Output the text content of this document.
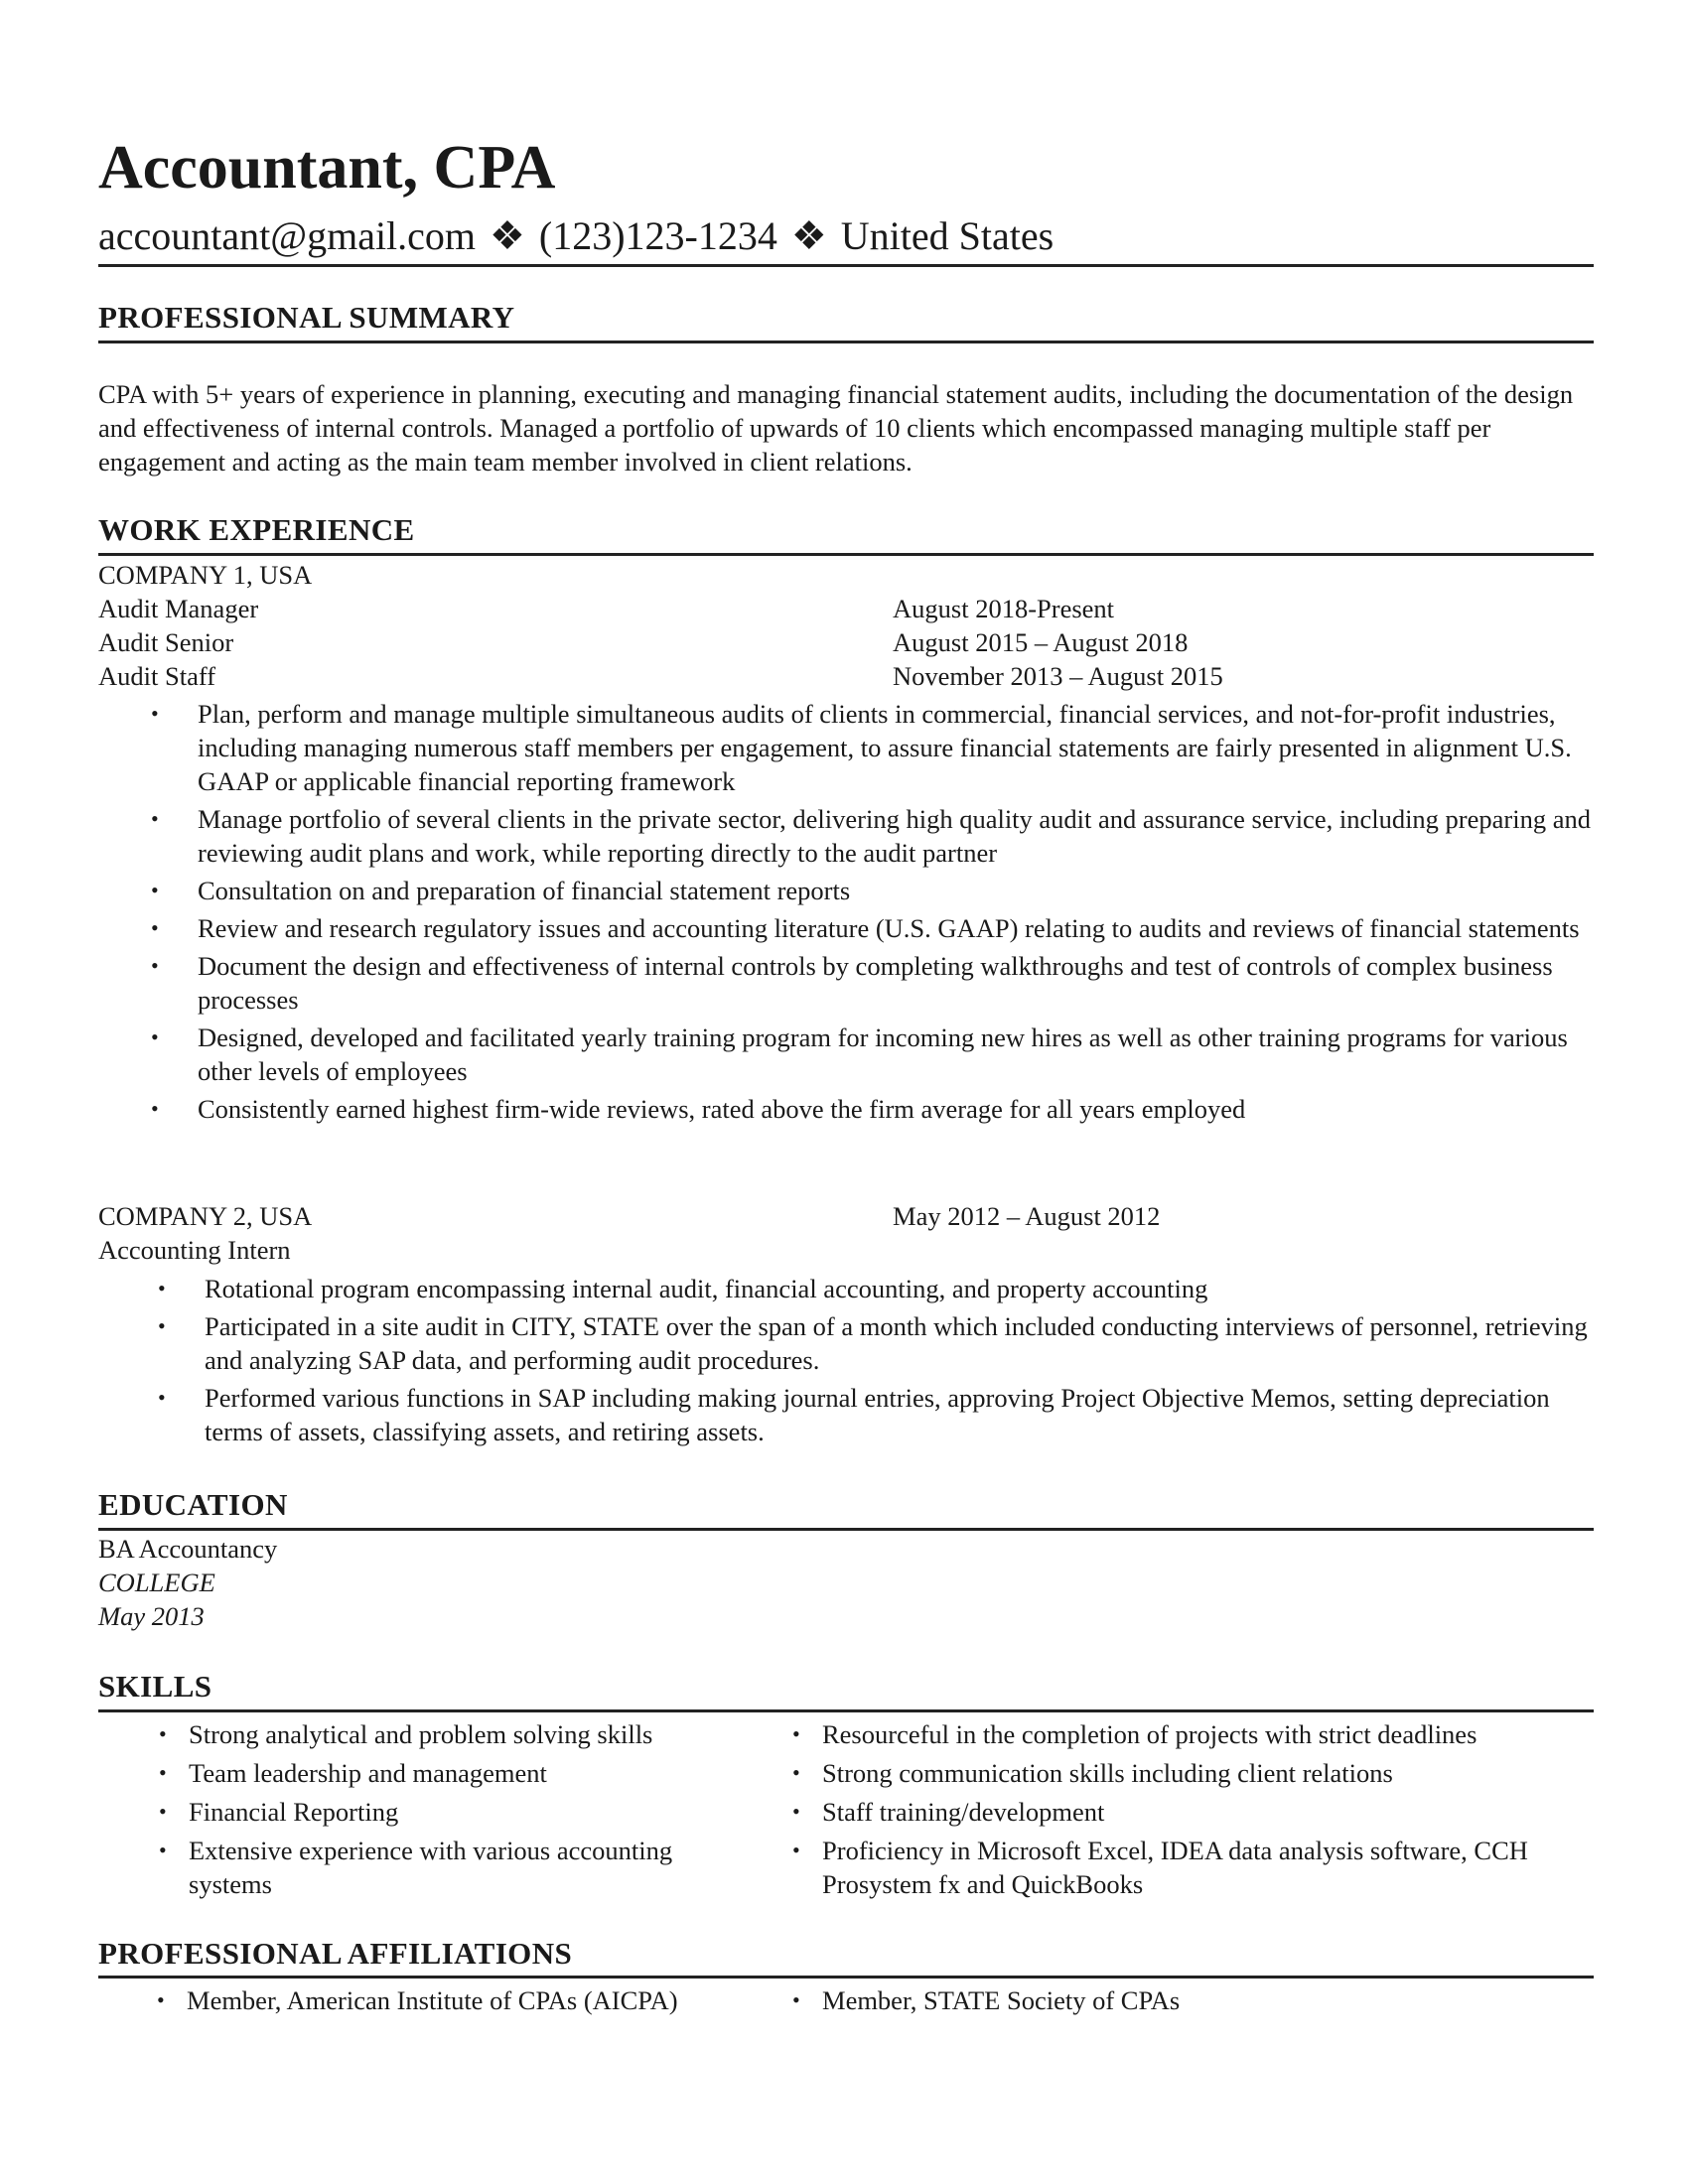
Accountant, CPA
accountant@gmail.com ❖ (123)123-1234 ❖ United States
PROFESSIONAL SUMMARY

CPA with 5+ years of experience in planning, executing and managing financial statement audits, including the documentation of the design and effectiveness of internal controls. Managed a portfolio of upwards of 10 clients which encompassed managing multiple staff per engagement and acting as the main team member involved in client relations.

WORK EXPERIENCE
COMPANY 1, USA
Audit Manager	August 2018-Present
Audit Senior	August 2015 – August 2018
Audit Staff	November 2013 – August 2015
• Plan, perform and manage multiple simultaneous audits of clients in commercial, financial services, and not-for-profit industries, including managing numerous staff members per engagement, to assure financial statements are fairly presented in alignment U.S. GAAP or applicable financial reporting framework
• Manage portfolio of several clients in the private sector, delivering high quality audit and assurance service, including preparing and reviewing audit plans and work, while reporting directly to the audit partner
• Consultation on and preparation of financial statement reports
• Review and research regulatory issues and accounting literature (U.S. GAAP) relating to audits and reviews of financial statements
• Document the design and effectiveness of internal controls by completing walkthroughs and test of controls of complex business processes
• Designed, developed and facilitated yearly training program for incoming new hires as well as other training programs for various other levels of employees
• Consistently earned highest firm-wide reviews, rated above the firm average for all years employed
COMPANY 2, USA	May 2012 – August 2012
Accounting Intern
• Rotational program encompassing internal audit, financial accounting, and property accounting
• Participated in a site audit in CITY, STATE over the span of a month which included conducting interviews of personnel, retrieving and analyzing SAP data, and performing audit procedures.
• Performed various functions in SAP including making journal entries, approving Project Objective Memos, setting depreciation terms of assets, classifying assets, and retiring assets.
EDUCATION
BA Accountancy
COLLEGE
May 2013
SKILLS
• Strong analytical and problem solving skills
• Team leadership and management
• Financial Reporting
• Extensive experience with various accounting systems
• Resourceful in the completion of projects with strict deadlines
• Strong communication skills including client relations
• Staff training/development
• Proficiency in Microsoft Excel, IDEA data analysis software, CCH Prosystem fx and QuickBooks
PROFESSIONAL AFFILIATIONS
• Member, American Institute of CPAs (AICPA)	• Member, STATE Society of CPAs
